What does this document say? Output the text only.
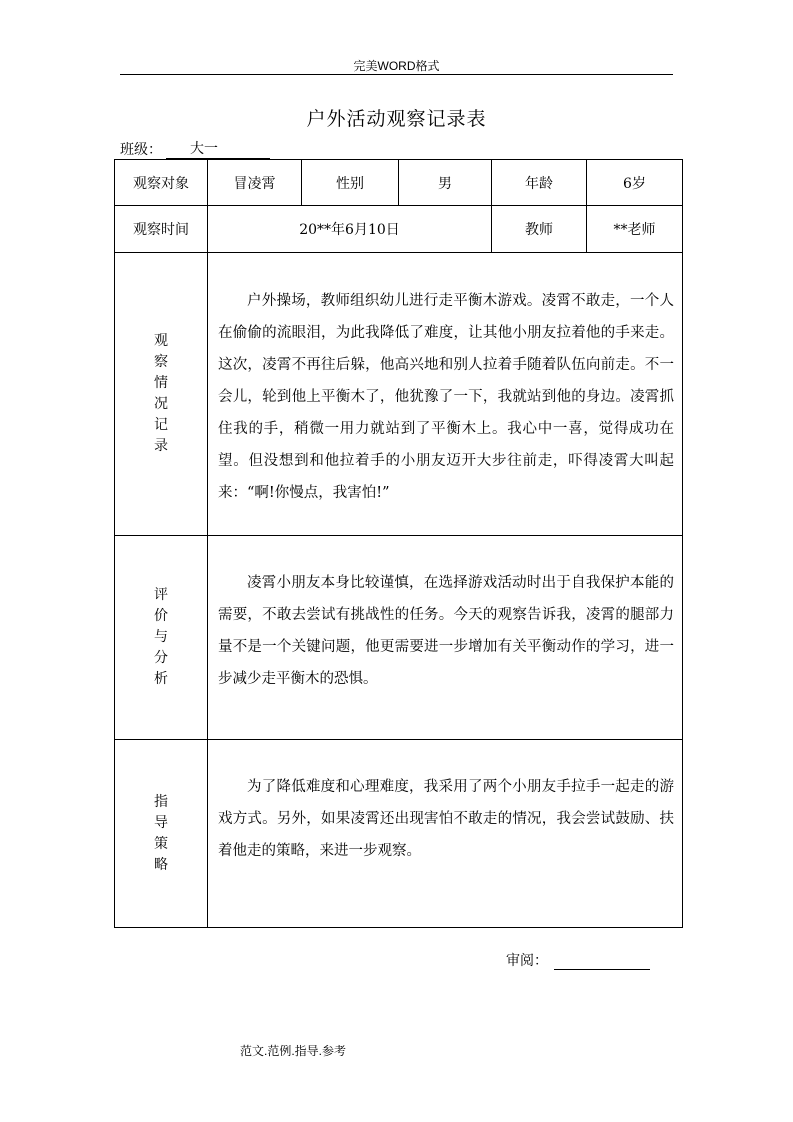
完美WORD格式
户外活动观察记录表
班级：	大一
观察对象	冒凌霄	性别	男	年龄	6岁
观察时间	20**年6月10日			教师	**老师

观察情况记录	户外操场，教师组织幼儿进行走平衡木游戏。凌霄不敢走，一个人在偷偷的流眼泪，为此我降低了难度，让其他小朋友拉着他的手来走。这次，凌霄不再往后躲，他高兴地和别人拉着手随着队伍向前走。不一会儿，轮到他上平衡木了，他犹豫了一下，我就站到他的身边。凌霄抓住我的手，稍微一用力就站到了平衡木上。我心中一喜，觉得成功在望。但没想到和他拉着手的小朋友迈开大步往前走，吓得凌霄大叫起来：“啊!你慢点，我害怕!”				

评价与分析	凌霄小朋友本身比较谨慎，在选择游戏活动时出于自我保护本能的需要，不敢去尝试有挑战性的任务。今天的观察告诉我，凌霄的腿部力量不是一个关键问题，他更需要进一步增加有关平衡动作的学习，进一步减少走平衡木的恐惧。				

指导策略	为了降低难度和心理难度，我采用了两个小朋友手拉手一起走的游戏方式。另外，如果凌霄还出现害怕不敢走的情况，我会尝试鼓励、扶着他走的策略，来进一步观察。				

审阅：
范文.范例.指导.参考
